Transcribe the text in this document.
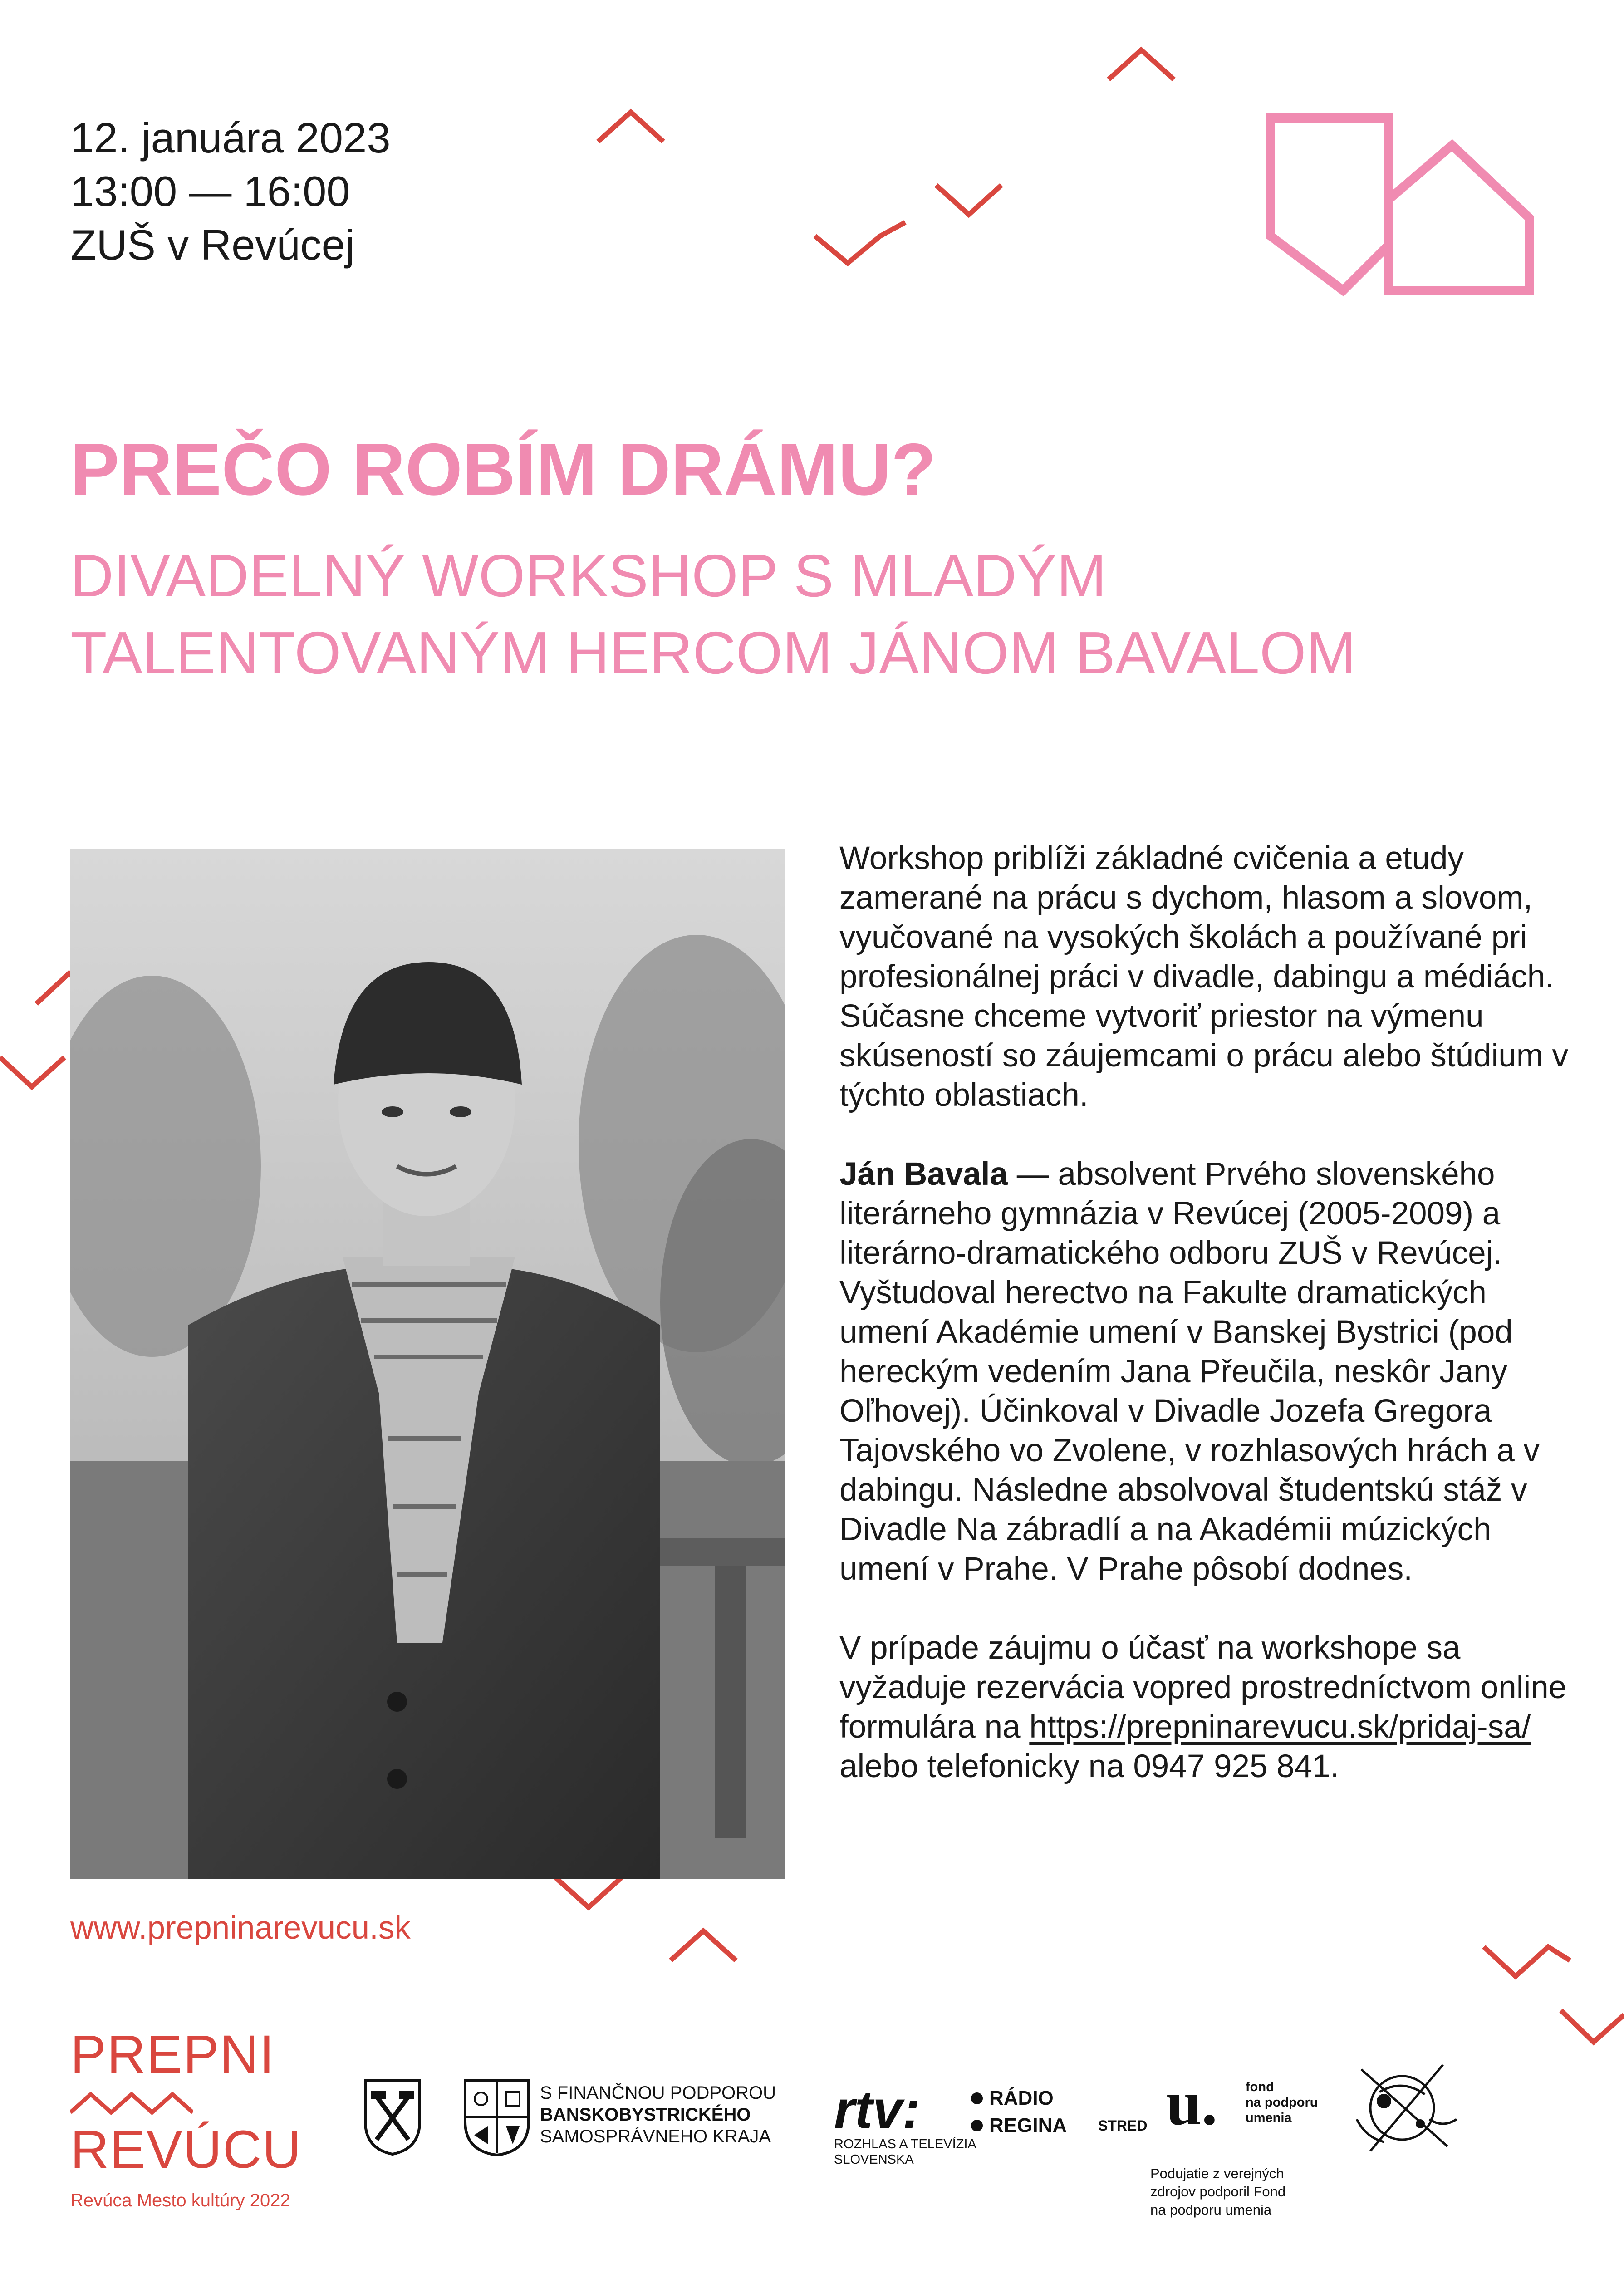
12. januára 2023
13:00 — 16:00
ZUŠ v Revúcej
PREČO ROBÍM DRÁMU?
DIVADELNÝ WORKSHOP S MLADÝM
TALENTOVANÝM HERCOM JÁNOM BAVALOM

Workshop priblíži základné cvičenia a etudy zamerané na prácu s dychom, hlasom a slovom, vyučované na vysokých školách a používané pri profesionálnej práci v divadle, dabingu a médiách. Súčasne chceme vytvoriť priestor na výmenu skúseností so záujemcami o prácu alebo štúdium v týchto oblastiach.

Ján Bavala — absolvent Prvého slovenského literárneho gymnázia v Revúcej (2005-2009) a literárno-dramatického odboru ZUŠ v Revúcej. Vyštudoval herectvo na Fakulte dramatických umení Akadémie umení v Banskej Bystrici (pod hereckým vedením Jana Přeučila, neskôr Jany Oľhovej). Účinkoval v Divadle Jozefa Gregora Tajovského vo Zvolene, v rozhlasových hrách a v dabingu. Následne absolvoval študentskú stáž v Divadle Na zábradlí a na Akadémii múzických umení v Prahe. V Prahe pôsobí dodnes.

V prípade záujmu o účasť na workshope sa vyžaduje rezervácia vopred prostredníctvom online formulára na https://prepninarevucu.sk/pridaj-sa/ alebo telefonicky na 0947 925 841.

www.prepninarevucu.sk
PREPNI
REVÚCU
Revúca Mesto kultúry 2022
S FINANČNOU PODPOROU
BANSKOBYSTRICKÉHO
SAMOSPRÁVNEHO KRAJA rtv:
ROZHLAS A TELEVÍZIA
SLOVENSKA
RÁDIO
REGINA STRED u. fond
na podporu
umenia
Podujatie z verejných
zdrojov podporil Fond
na podporu umenia
